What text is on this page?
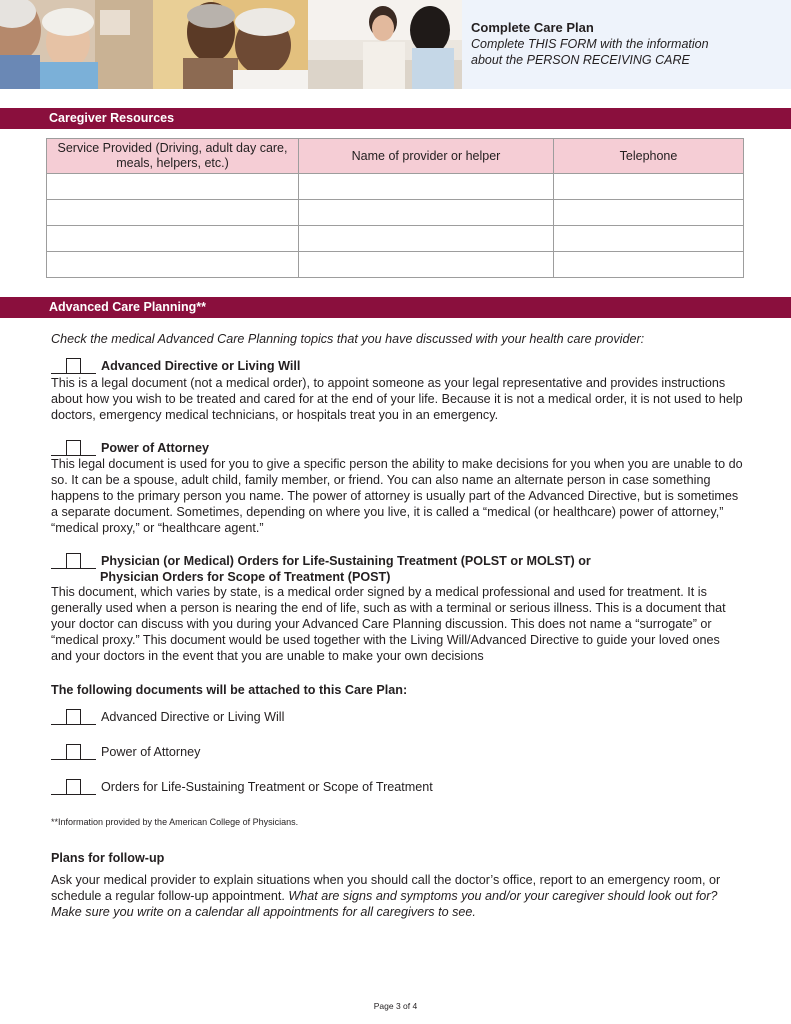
Complete Care Plan
Complete THIS FORM with the information
about the PERSON RECEIVING CARE
Caregiver Resources
Service Provided (Driving, adult day care, meals, helpers, etc.)	Name of provider or helper	Telephone

Advanced Care Planning**
Check the medical Advanced Care Planning topics that you have discussed with your health care provider:
Advanced Directive or Living Will
This is a legal document (not a medical order), to appoint someone as your legal representative and provides instructions about how you wish to be treated and cared for at the end of your life. Because it is not a medical order, it is not used to help doctors, emergency medical technicians, or hospitals treat you in an emergency.
Power of Attorney
This legal document is used for you to give a specific person the ability to make decisions for you when you are unable to do so. It can be a spouse, adult child, family member, or friend. You can also name an alternate person in case something happens to the primary person you name. The power of attorney is usually part of the Advanced Directive, but is sometimes a separate document. Sometimes, depending on where you live, it is called a “medical (or healthcare) power of attorney,” “medical proxy,” or “healthcare agent.”
Physician (or Medical) Orders for Life-Sustaining Treatment (POLST or MOLST) or
Physician Orders for Scope of Treatment (POST)
This document, which varies by state, is a medical order signed by a medical professional and used for treatment. It is generally used when a person is nearing the end of life, such as with a terminal or serious illness. This is a document that your doctor can discuss with you during your Advanced Care Planning discussion. This does not name a “surrogate” or “medical proxy.” This document would be used together with the Living Will/Advanced Directive to guide your loved ones and your doctors in the event that you are unable to make your own decisions
The following documents will be attached to this Care Plan:
Advanced Directive or Living Will
Power of Attorney
Orders for Life-Sustaining Treatment or Scope of Treatment
**Information provided by the American College of Physicians.
Plans for follow-up
Ask your medical provider to explain situations when you should call the doctor’s office, report to an emergency room, or schedule a regular follow-up appointment. What are signs and symptoms you and/or your caregiver should look out for? Make sure you write on a calendar all appointments for all caregivers to see.
Page 3 of 4
